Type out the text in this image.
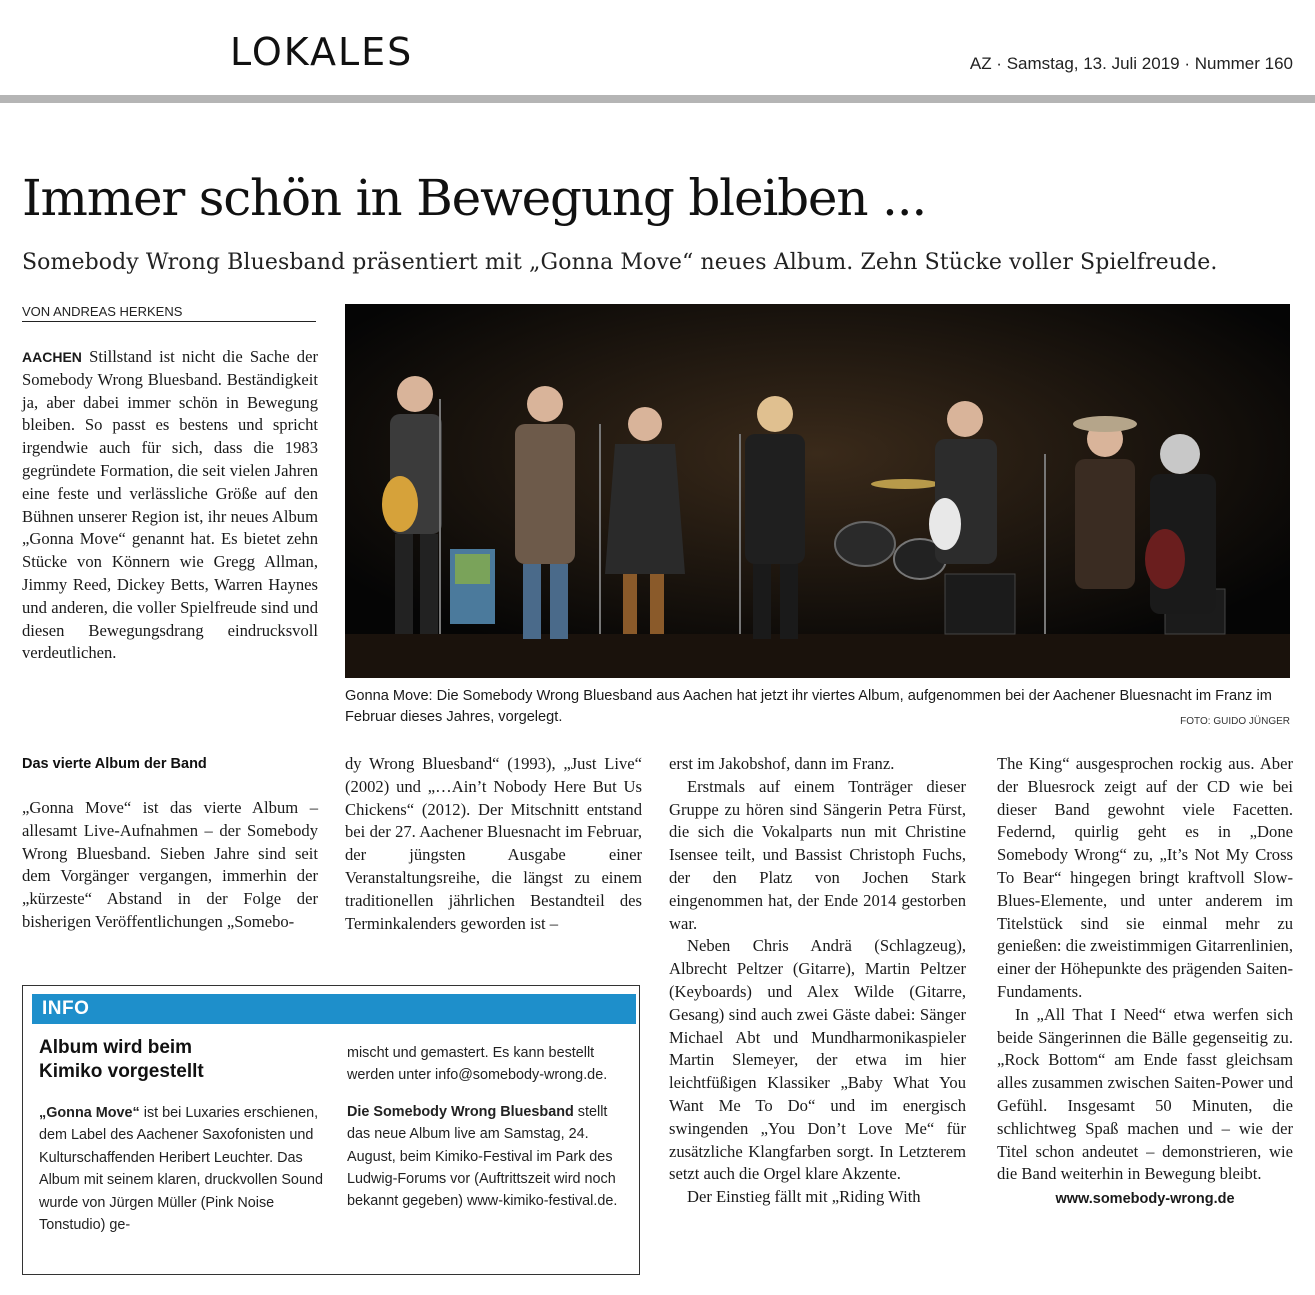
LOKALES	AZ · Samstag, 13. Juli 2019 · Nummer 160
Immer schön in Bewegung bleiben ...
Somebody Wrong Bluesband präsentiert mit „Gonna Move“ neues Album. Zehn Stücke voller Spielfreude.
VON ANDREAS HERKENS

AACHEN Stillstand ist nicht die Sache der Somebody Wrong Bluesband. Beständigkeit ja, aber dabei immer schön in Bewegung bleiben. So passt es bestens und spricht irgendwie auch für sich, dass die 1983 gegründete Formation, die seit vielen Jahren eine feste und verlässliche Größe auf den Bühnen unserer Region ist, ihr neues Album „Gonna Move“ genannt hat. Es bietet zehn Stücke von Könnern wie Gregg Allman, Jimmy Reed, Dickey Betts, Warren Haynes und anderen, die voller Spielfreude sind und diesen Bewegungsdrang eindrucksvoll verdeutlichen.

Gonna Move: Die Somebody Wrong Bluesband aus Aachen hat jetzt ihr viertes Album, aufgenommen bei der Aachener Bluesnacht im Franz im Februar dieses Jahres, vorgelegt.	FOTO: GUIDO JÜNGER
Das vierte Album der Band

„Gonna Move“ ist das vierte Album – allesamt Live-Aufnahmen – der Somebody Wrong Bluesband. Sieben Jahre sind seit dem Vorgänger vergangen, immerhin der „kürzeste“ Abstand in der Folge der bisherigen Veröffentlichungen „Somebo-

dy Wrong Bluesband“ (1993), „Just Live“ (2002) und „…Ain’t Nobody Here But Us Chickens“ (2012). Der Mitschnitt entstand bei der 27. Aachener Bluesnacht im Februar, der jüngsten Ausgabe einer Veranstaltungsreihe, die längst zu einem traditionellen jährlichen Bestandteil des Terminkalenders geworden ist –

erst im Jakobshof, dann im Franz.

Erstmals auf einem Tonträger dieser Gruppe zu hören sind Sängerin Petra Fürst, die sich die Vokalparts nun mit Christine Isensee teilt, und Bassist Christoph Fuchs, der den Platz von Jochen Stark eingenommen hat, der Ende 2014 gestorben war.

Neben Chris Andrä (Schlagzeug), Albrecht Peltzer (Gitarre), Martin Peltzer (Keyboards) und Alex Wilde (Gitarre, Gesang) sind auch zwei Gäste dabei: Sänger Michael Abt und Mundharmonikaspieler Martin Slemeyer, der etwa im hier leichtfüßigen Klassiker „Baby What You Want Me To Do“ und im energisch swingenden „You Don’t Love Me“ für zusätzliche Klangfarben sorgt. In Letzterem setzt auch die Orgel klare Akzente.

Der Einstieg fällt mit „Riding With

The King“ ausgesprochen rockig aus. Aber der Bluesrock zeigt auf der CD wie bei dieser Band gewohnt viele Facetten. Federnd, quirlig geht es in „Done Somebody Wrong“ zu, „It’s Not My Cross To Bear“ hingegen bringt kraftvoll Slow-Blues-Elemente, und unter anderem im Titelstück sind sie einmal mehr zu genießen: die zweistimmigen Gitarrenlinien, einer der Höhepunkte des prägenden Saiten-Fundaments.

In „All That I Need“ etwa werfen sich beide Sängerinnen die Bälle gegenseitig zu. „Rock Bottom“ am Ende fasst gleichsam alles zusammen zwischen Saiten-Power und Gefühl. Insgesamt 50 Minuten, die schlichtweg Spaß machen und – wie der Titel schon andeutet – demonstrieren, wie die Band weiterhin in Bewegung bleibt.

www.somebody-wrong.de

INFO
Album wird beim
Kimiko vorgestellt

„Gonna Move“ ist bei Luxaries erschienen, dem Label des Aachener Saxofonisten und Kulturschaffenden Heribert Leuchter. Das Album mit seinem klaren, druckvollen Sound wurde von Jürgen Müller (Pink Noise Tonstudio) ge-

mischt und gemastert. Es kann bestellt werden unter info@somebody-wrong.de.

Die Somebody Wrong Bluesband stellt das neue Album live am Samstag, 24. August, beim Kimiko-Festival im Park des Ludwig-Forums vor (Auftrittszeit wird noch bekannt gegeben) www-kimiko-festival.de.
